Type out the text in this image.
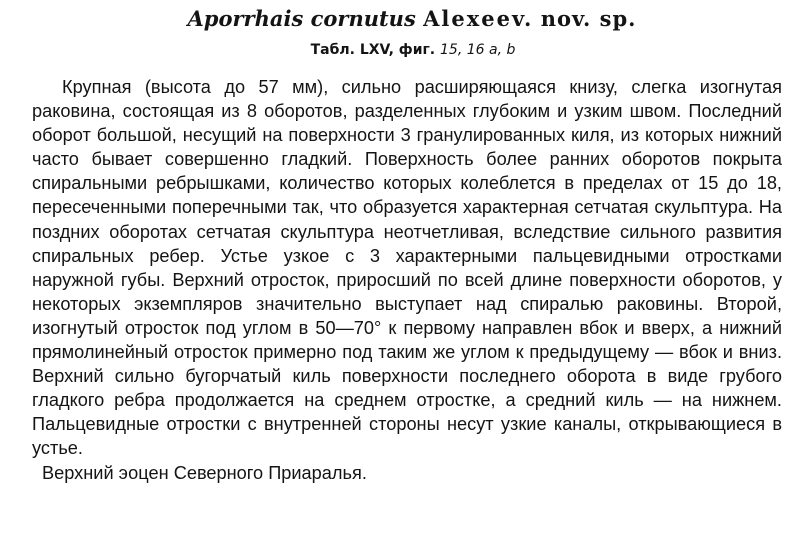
Aporrhais cornutus Alexeev. nov. sp.

Табл. LXV, фиг. 15, 16 a, b

Крупная (высота до 57 мм), сильно расширяющаяся книзу, слегка изогнутая раковина, состоящая из 8 оборотов, разделенных глубоким и узким швом. Последний оборот большой, несущий на поверхности 3 гранулированных киля, из которых нижний часто бывает совершенно гладкий. Поверхность более ранних оборотов покрыта спиральными ребрышками, количество которых колеблется в пределах от 15 до 18, пересеченными поперечными так, что образуется характерная сетчатая скульптура. На поздних оборотах сетчатая скульптура неотчетливая, вследствие сильного развития спиральных ребер. Устье узкое с 3 характерными пальцевидными отростками наружной губы. Верхний отросток, приросший по всей длине поверхности оборотов, у некоторых экземпляров значительно выступает над спиралью раковины. Второй, изогнутый отросток под углом в 50—70° к первому направлен вбок и вверх, а нижний прямолинейный отросток примерно под таким же углом к предыдущему — вбок и вниз. Верхний сильно бугорчатый киль поверхности последнего оборота в виде грубого гладкого ребра продолжается на среднем отростке, а средний киль — на нижнем. Пальцевидные отростки с внутренней стороны несут узкие каналы, открывающиеся в устье.

Верхний эоцен Северного Приаралья.
